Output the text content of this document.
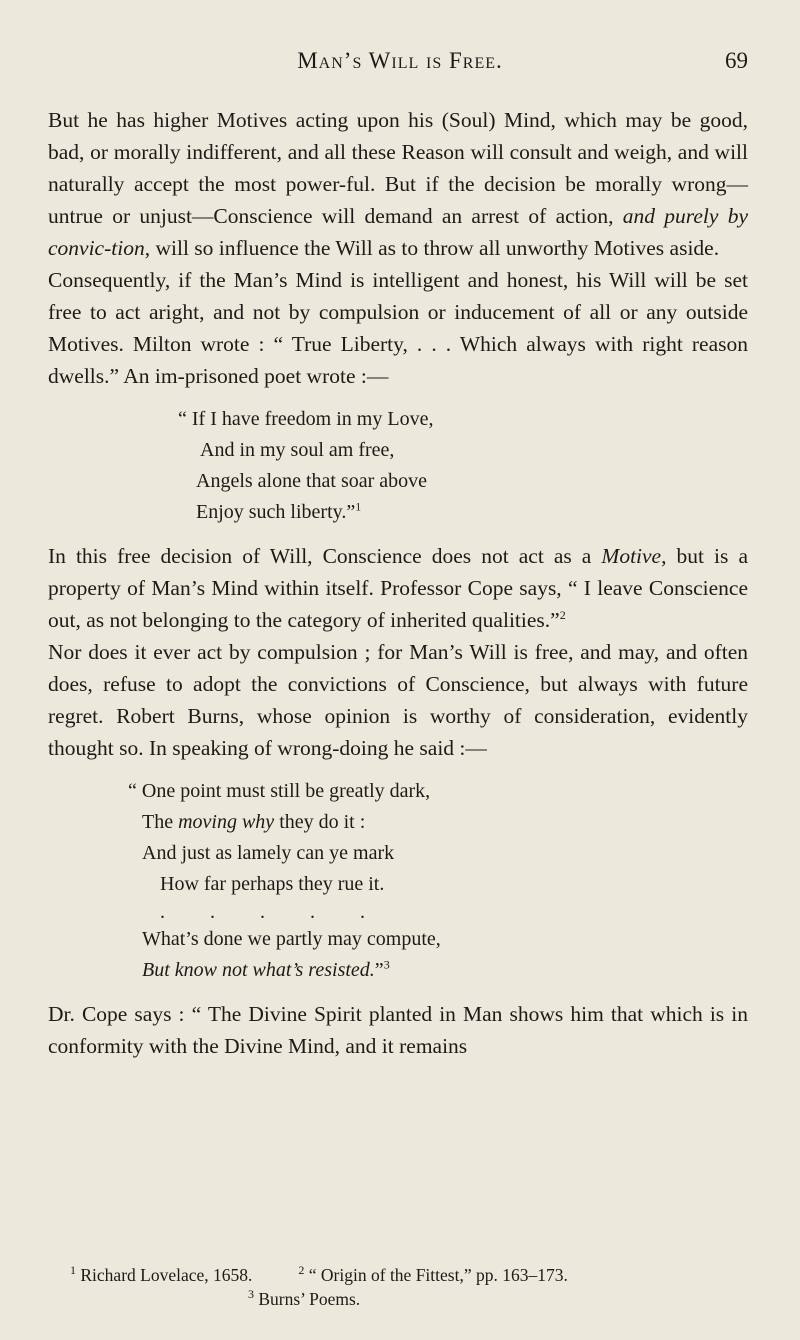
Man’s Will is Free.	69

But he has higher Motives acting upon his (Soul) Mind, which may be good, bad, or morally indifferent, and all these Reason will consult and weigh, and will naturally accept the most power-ful. But if the decision be morally wrong—untrue or unjust—Conscience will demand an arrest of action, and purely by convic-tion, will so influence the Will as to throw all unworthy Motives aside.

Consequently, if the Man’s Mind is intelligent and honest, his Will will be set free to act aright, and not by compulsion or inducement of all or any outside Motives. Milton wrote : “ True Liberty, . . . Which always with right reason dwells.” An im-prisoned poet wrote :—

“ If I have freedom in my Love,
And in my soul am free,
Angels alone that soar above
Enjoy such liberty.”$^1$

In this free decision of Will, Conscience does not act as a Motive, but is a property of Man’s Mind within itself. Professor Cope says, “ I leave Conscience out, as not belonging to the category of inherited qualities.”$^2$

Nor does it ever act by compulsion ; for Man’s Will is free, and may, and often does, refuse to adopt the convictions of Conscience, but always with future regret. Robert Burns, whose opinion is worthy of consideration, evidently thought so. In speaking of wrong-doing he said :—

“ One point must still be greatly dark,
The moving why they do it :
And just as lamely can ye mark
How far perhaps they rue it.
. . . . .
What’s done we partly may compute,
But know not what’s resisted.”$^3$

Dr. Cope says : “ The Divine Spirit planted in Man shows him that which is in conformity with the Divine Mind, and it remains

$^1$ Richard Lovelace, 1658.	$^2$ “ Origin of the Fittest,” pp. 163–173.
$^3$ Burns’ Poems.
